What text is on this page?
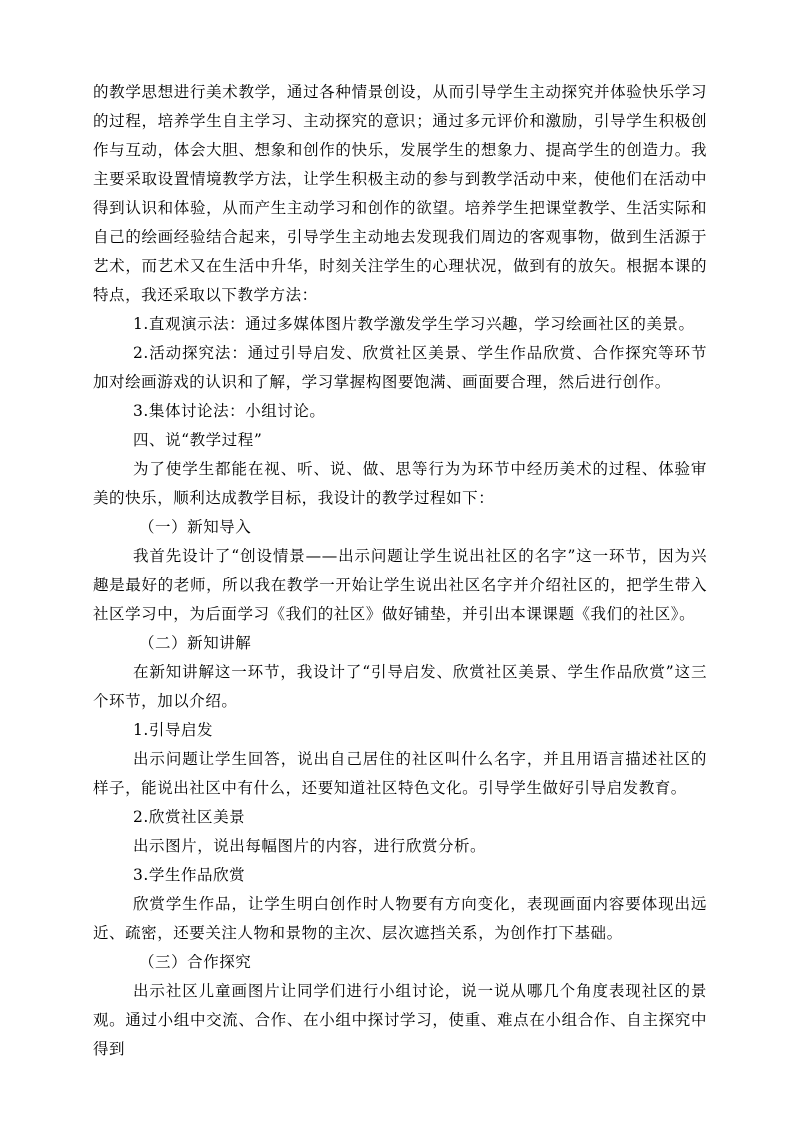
的教学思想进行美术教学，通过各种情景创设，从而引导学生主动探究并体验快乐学习的过程，培养学生自主学习、主动探究的意识；通过多元评价和激励，引导学生积极创作与互动，体会大胆、想象和创作的快乐，发展学生的想象力、提高学生的创造力。我主要采取设置情境教学方法，让学生积极主动的参与到教学活动中来，使他们在活动中得到认识和体验，从而产生主动学习和创作的欲望。培养学生把课堂教学、生活实际和自己的绘画经验结合起来，引导学生主动地去发现我们周边的客观事物，做到生活源于艺术，而艺术又在生活中升华，时刻关注学生的心理状况，做到有的放矢。根据本课的特点，我还采取以下教学方法：

1.直观演示法：通过多媒体图片教学激发学生学习兴趣，学习绘画社区的美景。

2.活动探究法：通过引导启发、欣赏社区美景、学生作品欣赏、合作探究等环节加对绘画游戏的认识和了解，学习掌握构图要饱满、画面要合理，然后进行创作。

3.集体讨论法：小组讨论。

四、说“教学过程”

为了使学生都能在视、听、说、做、思等行为为环节中经历美术的过程、体验审美的快乐，顺利达成教学目标，我设计的教学过程如下：

（一）新知导入

我首先设计了“创设情景——出示问题让学生说出社区的名字”这一环节，因为兴趣是最好的老师，所以我在教学一开始让学生说出社区名字并介绍社区的，把学生带入社区学习中，为后面学习《我们的社区》做好铺垫，并引出本课课题《我们的社区》。

（二）新知讲解

在新知讲解这一环节，我设计了“引导启发、欣赏社区美景、学生作品欣赏”这三个环节，加以介绍。

1.引导启发

出示问题让学生回答，说出自己居住的社区叫什么名字，并且用语言描述社区的样子，能说出社区中有什么，还要知道社区特色文化。引导学生做好引导启发教育。

2.欣赏社区美景

出示图片，说出每幅图片的内容，进行欣赏分析。

3.学生作品欣赏

欣赏学生作品，让学生明白创作时人物要有方向变化，表现画面内容要体现出远近、疏密，还要关注人物和景物的主次、层次遮挡关系，为创作打下基础。

（三）合作探究

出示社区儿童画图片让同学们进行小组讨论，说一说从哪几个角度表现社区的景观。通过小组中交流、合作、在小组中探讨学习，使重、难点在小组合作、自主探究中得到
